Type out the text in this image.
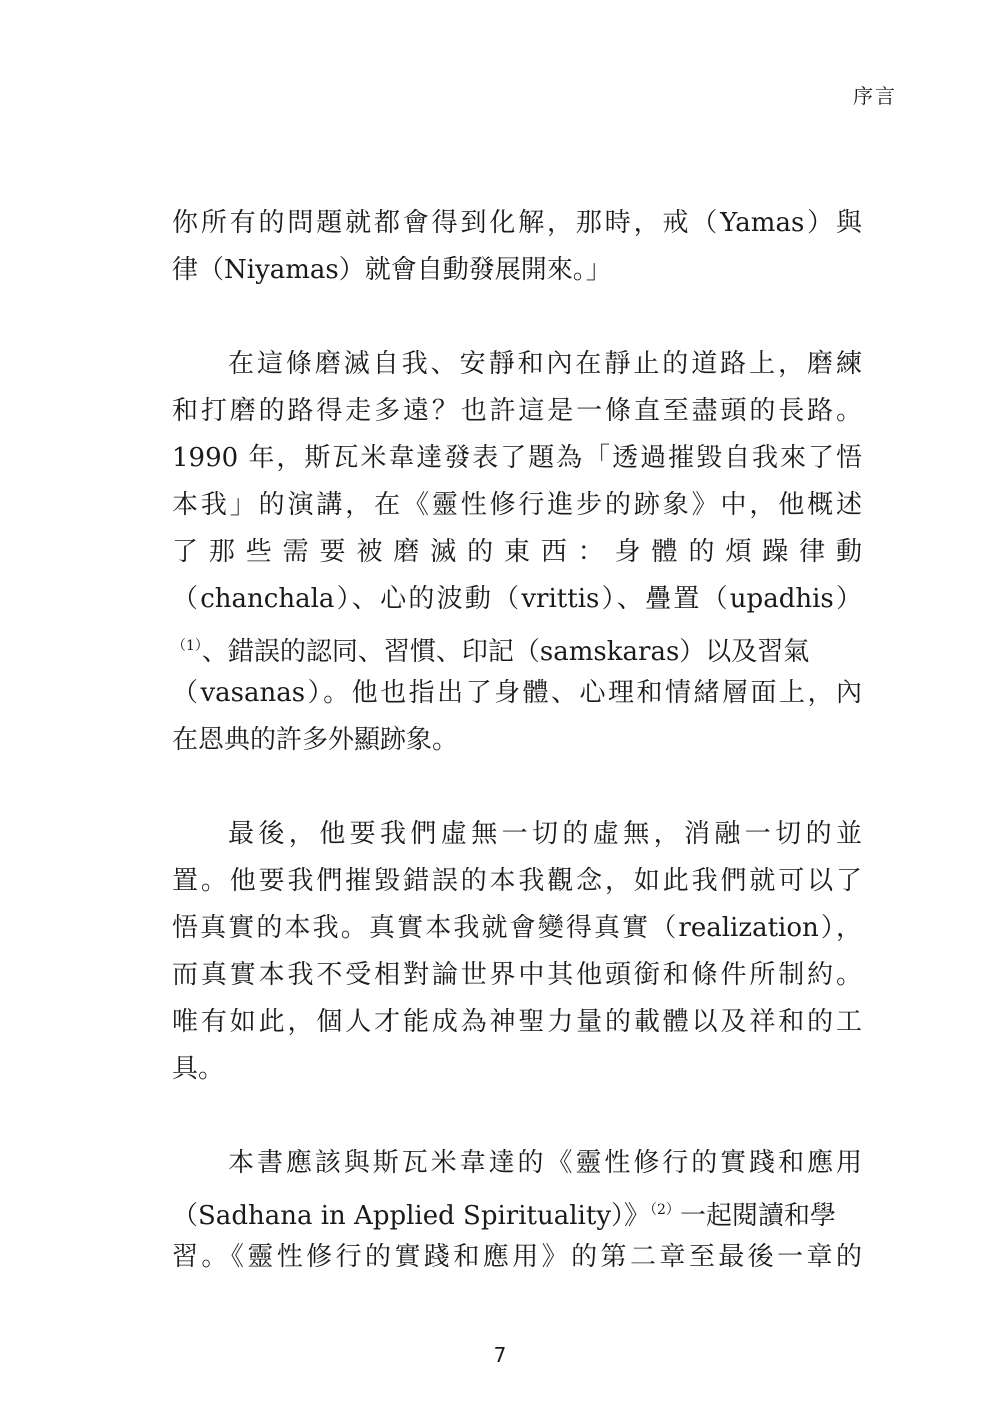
序言
你所有的問題就都會得到化解，那時，戒（Yamas）與
律（Niyamas）就會自動發展開來。」
在這條磨滅自我、安靜和內在靜止的道路上，磨練
和打磨的路得走多遠？也許這是一條直至盡頭的長路。
1990 年，斯瓦米韋達發表了題為「透過摧毀自我來了悟
本我」的演講，在《靈性修行進步的跡象》中，他概述
了 那 些 需 要 被 磨 滅 的 東 西 ： 身 體 的 煩 躁 律 動
（chanchala）、心的波動（vrittis）、疊置（upadhis）
$^{(1)}$、錯誤的認同、習慣、印記（samskaras）以及習氣
（vasanas）。他也指出了身體、心理和情緒層面上，內
在恩典的許多外顯跡象。
最後，他要我們虛無一切的虛無，消融一切的並
置。他要我們摧毀錯誤的本我觀念，如此我們就可以了
悟真實的本我。真實本我就會變得真實（realization），
而真實本我不受相對論世界中其他頭銜和條件所制約。
唯有如此，個人才能成為神聖力量的載體以及祥和的工
具。
本書應該與斯瓦米韋達的《靈性修行的實踐和應用
（Sadhana in Applied Spirituality）》$^{(2)}$一起閱讀和學
習。《靈性修行的實踐和應用》的第二章至最後一章的
7
